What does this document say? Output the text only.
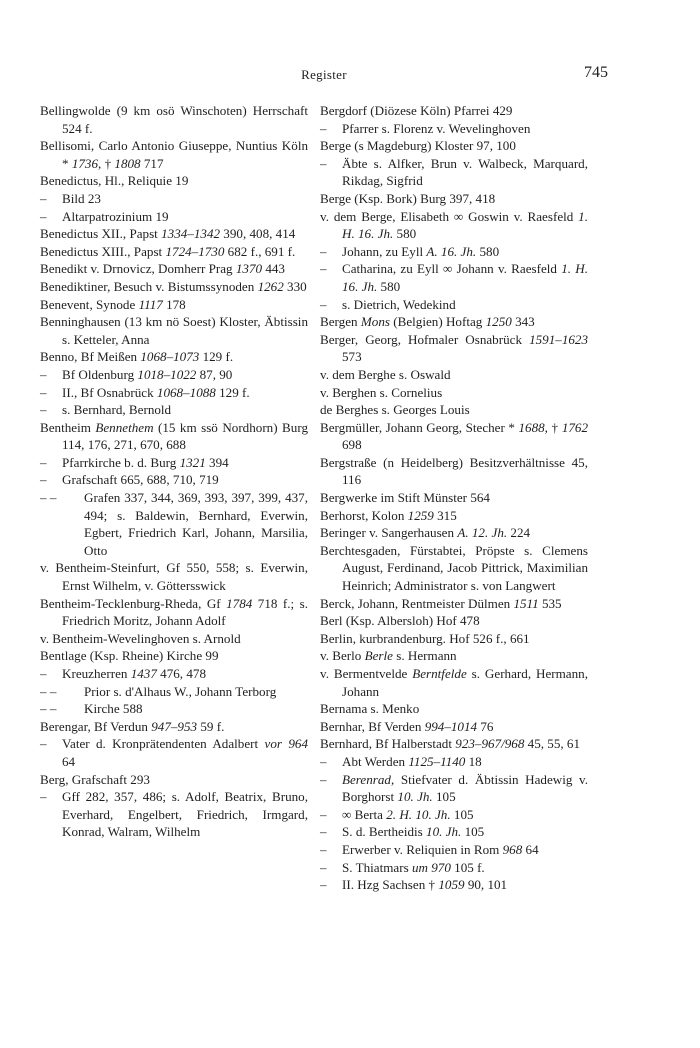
Register	745
Bellingwolde (9 km osö Winschoten) Herrschaft 524 f.
Bellisomi, Carlo Antonio Giuseppe, Nuntius Köln * 1736, † 1808 717
Benedictus, Hl., Reliquie 19
– Bild 23
– Altarpatrozinium 19
Benedictus XII., Papst 1334–1342 390, 408, 414
Benedictus XIII., Papst 1724–1730 682 f., 691 f.
Benedikt v. Drnovicz, Domherr Prag 1370 443
Benediktiner, Besuch v. Bistumssynoden 1262 330
Benevent, Synode 1117 178
Benninghausen (13 km nö Soest) Kloster, Äbtissin s. Ketteler, Anna
Benno, Bf Meißen 1068–1073 129 f.
– Bf Oldenburg 1018–1022 87, 90
– II., Bf Osnabrück 1068–1088 129 f.
– s. Bernhard, Bernold
Bentheim Bennethem (15 km ssö Nordhorn) Burg 114, 176, 271, 670, 688
– Pfarrkirche b. d. Burg 1321 394
– Grafschaft 665, 688, 710, 719
– – Grafen 337, 344, 369, 393, 397, 399, 437, 494; s. Baldewin, Bernhard, Everwin, Egbert, Friedrich Karl, Johann, Marsilia, Otto
v. Bentheim-Steinfurt, Gf 550, 558; s. Everwin, Ernst Wilhelm, v. Göttersswick
Bentheim-Tecklenburg-Rheda, Gf 1784 718 f.; s. Friedrich Moritz, Johann Adolf
v. Bentheim-Wevelinghoven s. Arnold
Bentlage (Ksp. Rheine) Kirche 99
– Kreuzherren 1437 476, 478
– – Prior s. d'Alhaus W., Johann Terborg
– – Kirche 588
Berengar, Bf Verdun 947–953 59 f.
– Vater d. Kronprätendenten Adalbert vor 964 64
Berg, Grafschaft 293
– Gff 282, 357, 486; s. Adolf, Beatrix, Bruno, Everhard, Engelbert, Friedrich, Irmgard, Konrad, Walram, Wilhelm
Bergdorf (Diözese Köln) Pfarrei 429
– Pfarrer s. Florenz v. Wevelinghoven
Berge (s Magdeburg) Kloster 97, 100
– Äbte s. Alfker, Brun v. Walbeck, Marquard, Rikdag, Sigfrid
Berge (Ksp. Bork) Burg 397, 418
v. dem Berge, Elisabeth ∞ Goswin v. Raesfeld 1. H. 16. Jh. 580
– Johann, zu Eyll A. 16. Jh. 580
– Catharina, zu Eyll ∞ Johann v. Raesfeld 1. H. 16. Jh. 580
– s. Dietrich, Wedekind
Bergen Mons (Belgien) Hoftag 1250 343
Berger, Georg, Hofmaler Osnabrück 1591–1623 573
v. dem Berghe s. Oswald
v. Berghen s. Cornelius
de Berghes s. Georges Louis
Bergmüller, Johann Georg, Stecher * 1688, † 1762 698
Bergstraße (n Heidelberg) Besitzverhältnisse 45, 116
Bergwerke im Stift Münster 564
Berhorst, Kolon 1259 315
Beringer v. Sangerhausen A. 12. Jh. 224
Berchtesgaden, Fürstabtei, Pröpste s. Clemens August, Ferdinand, Jacob Pittrick, Maximilian Heinrich; Administrator s. von Langwert
Berck, Johann, Rentmeister Dülmen 1511 535
Berl (Ksp. Albersloh) Hof 478
Berlin, kurbrandenburg. Hof 526 f., 661
v. Berlo Berle s. Hermann
v. Bermentvelde Berntfelde s. Gerhard, Hermann, Johann
Bernama s. Menko
Bernhar, Bf Verden 994–1014 76
Bernhard, Bf Halberstadt 923–967/968 45, 55, 61
– Abt Werden 1125–1140 18
– Berenrad, Stiefvater d. Äbtissin Hadewig v. Borghorst 10. Jh. 105
– ∞ Berta 2. H. 10. Jh. 105
– S. d. Bertheidis 10. Jh. 105
– Erwerber v. Reliquien in Rom 968 64
– S. Thiatmars um 970 105 f.
– II. Hzg Sachsen † 1059 90, 101
